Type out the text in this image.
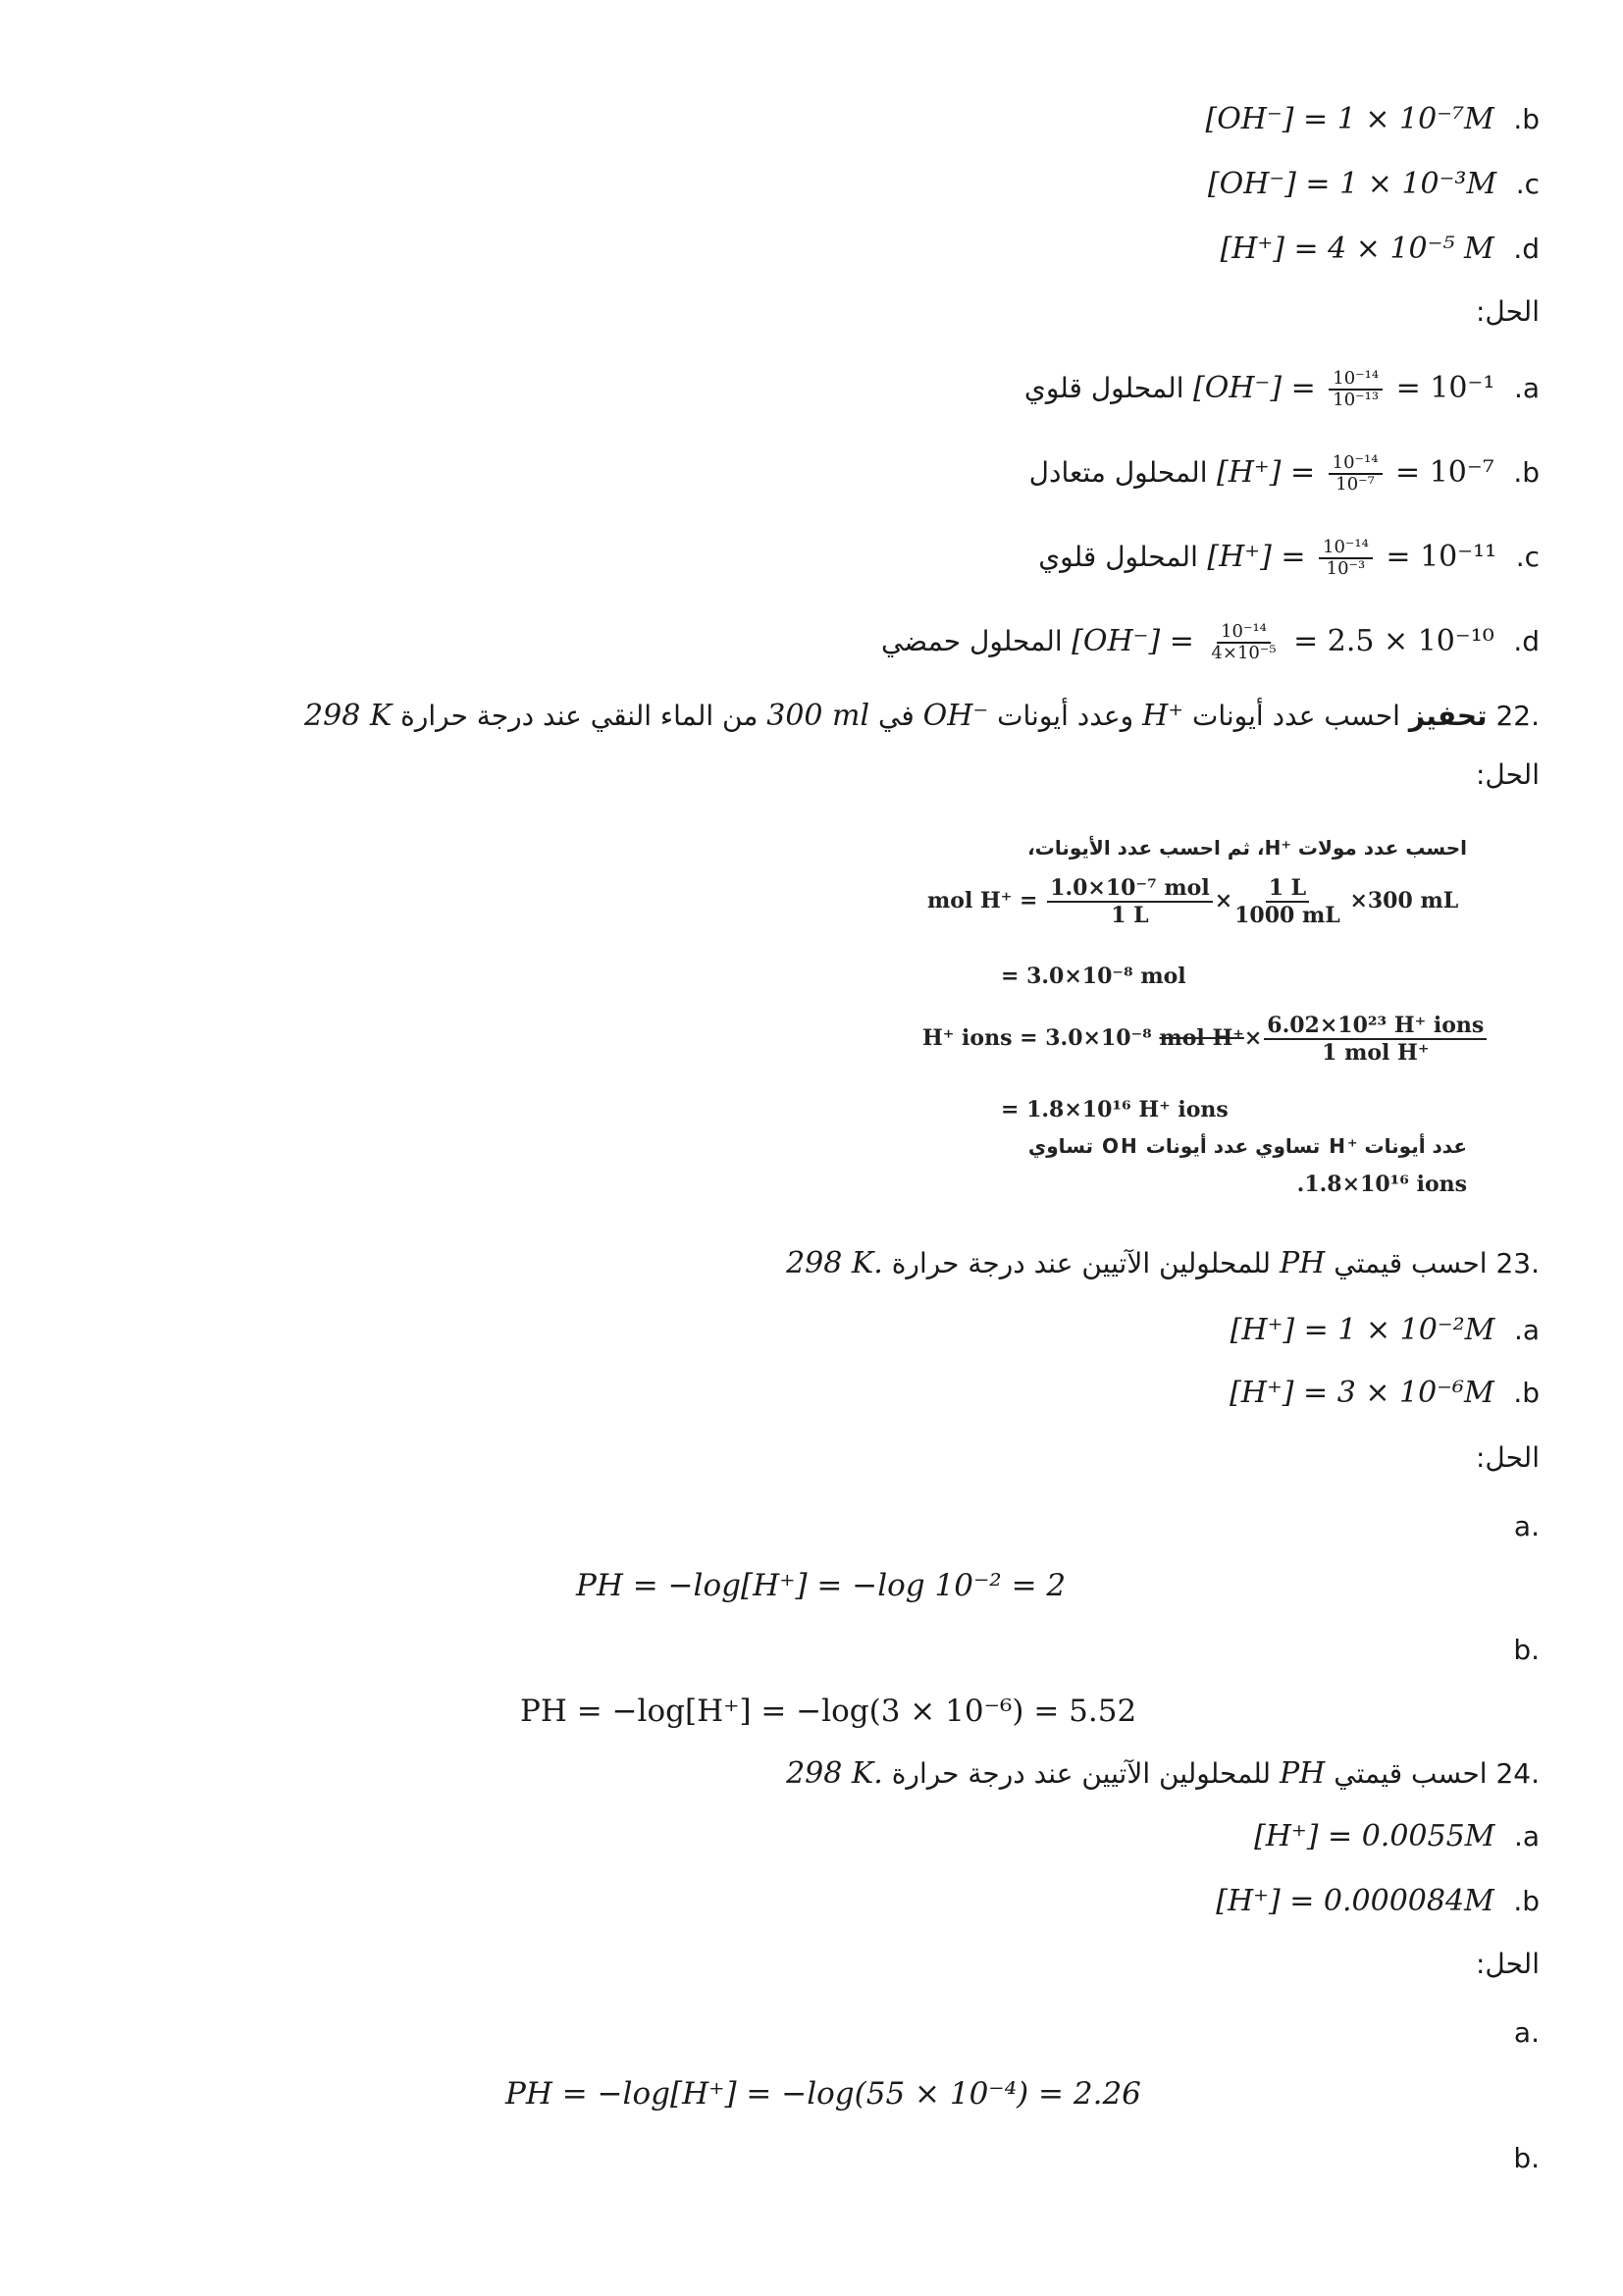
[OH⁻] = 1 × 10⁻⁷M .b
[OH⁻] = 1 × 10⁻³M .c
[H⁺] = 4 × 10⁻⁵ M .d
الحل:
المحلول قلوي $[OH^-] = \frac{\text{10⁻¹⁴}}{\text{10⁻¹³}} = 10^{-1}$ .a
المحلول متعادل $[H^+] = \frac{\text{10⁻¹⁴}}{\text{10⁻⁷}} = 10^{-7}$ .b
المحلول قلوي $[H^+] = \frac{\text{10⁻¹⁴}}{\text{10⁻³}} = 10^{-11}$ .c
المحلول حمضي $[OH^-] = \frac{\text{10⁻¹⁴}}{\text{4×10⁻⁵}} = 2.5 \times 10^{-10}$ .d
.22 تحفيز احسب عدد أيونات H⁺ وعدد أيونات OH⁻ في 300 ml من الماء النقي عند درجة حرارة 298 K
الحل:
احسب عدد مولات ⁺H، ثم احسب عدد الأيونات،
mol $H^+ = \frac{\text{1.0×10⁻⁷ mol}}{1 L} \times \frac{1 L}{1000 mL} \times 300$ mL
= 3.0×10⁻⁸ mol
H⁺ ions = 3.0×10⁻⁸ mol $H^+\times \frac{\text{6.02×10²³ H⁺ ions}}{\text{1 mol H⁺}}$
= 1.8×10¹⁶ H⁺ ions
عدد أيونات ⁺H تساوي عدد أيونات OH تساوي
.1.8×10¹⁶ ions
.23 احسب قيمتي PH للمحلولين الآتيين عند درجة حرارة 298 K.
[H⁺] = 1 × 10⁻²M .a
[H⁺] = 3 × 10⁻⁶M .b
الحل:
.a
PH = −log[H⁺] = −log 10⁻² = 2
.b
PH = −log[H⁺] = −log(3 × 10⁻⁶) = 5.52
.24 احسب قيمتي PH للمحلولين الآتيين عند درجة حرارة 298 K.
[H⁺] = 0.0055M .a
[H⁺] = 0.000084M .b
الحل:
.a
PH = −log[H⁺] = −log(55 × 10⁻⁴) = 2.26
.b
